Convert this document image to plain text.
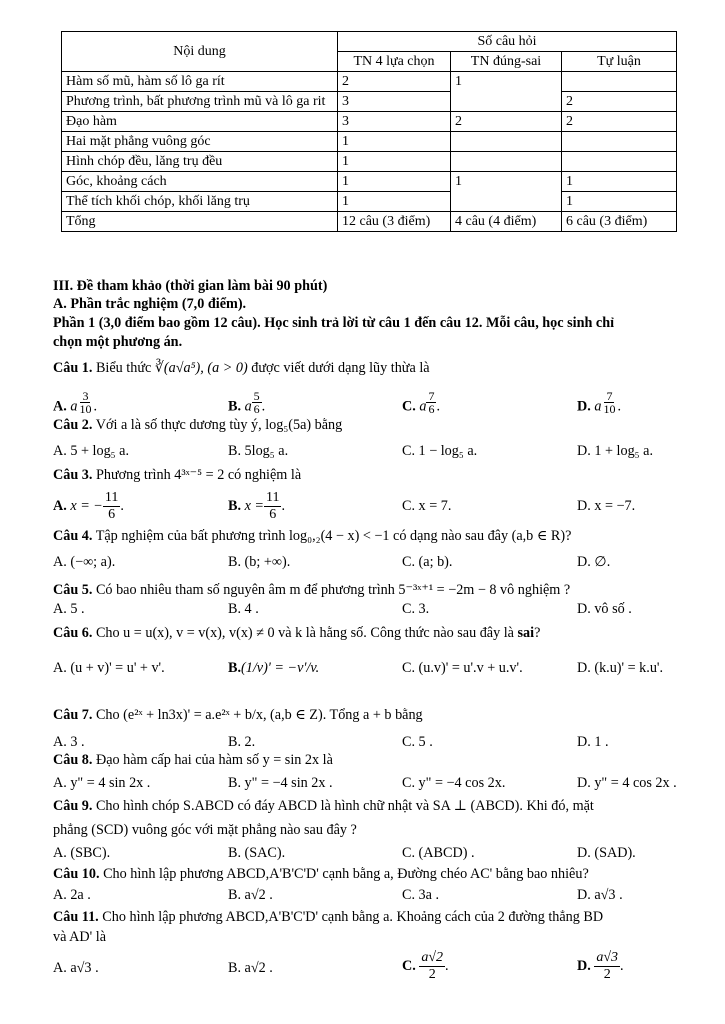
Nội dung	Số câu hỏi		
	TN 4 lựa chọn	TN đúng-sai	Tự luận
Hàm số mũ, hàm số lô ga rít	2	1	
Phương trình, bất phương trình mũ và lô ga rit	3		2
Đạo hàm	3	2	2
Hai mặt phẳng vuông góc	1		
Hình chóp đều, lăng trụ đều	1		
Góc, khoảng cách	1	1	1
Thể tích khối chóp, khối lăng trụ	1		1
Tổng	12 câu (3 điểm)	4 câu (4 điểm)	6 câu (3 điểm)
III. Đề tham khảo (thời gian làm bài 90 phút)
A. Phần trắc nghiệm (7,0 điểm).
Phần 1 (3,0 điểm bao gồm 12 câu). Học sinh trả lời từ câu 1 đến câu 12. Mỗi câu, học sinh chỉ
chọn một phương án.
Câu 1. Biểu thức ∛(a√a⁵), (a > 0) được viết dưới dạng lũy thừa là
A. a $^{\frac{3}{10}}$ .	B. a $^{\frac{5}{6}}$ .	C. a $^{\frac{7}{6}}$ .	D. a $^{\frac{7}{10}}$ .
Câu 2. Với a là số thực dương tùy ý, log₅(5a) bằng
A. 5 + log₅ a.	B. 5log₅ a.	C. 1 − log₅ a.	D. 1 + log₅ a.
Câu 3. Phương trình 4³ˣ⁻⁵ = 2 có nghiệm là
A. x = − $\frac{11}{6}$ .	B. $x = \frac{11}{6}$ .	C. x = 7.	D. x = −7.
Câu 4. Tập nghiệm của bất phương trình log₀,₂(4 − x) < −1 có dạng nào sau đây (a,b ∈ R)?
A. (−∞; a).	B. (b; +∞).	C. (a; b).	D. ∅.
Câu 5. Có bao nhiêu tham số nguyên âm m để phương trình 5⁻³ˣ⁺¹ = −2m − 8 vô nghiệm ?
A. 5 .	B. 4 .	C. 3.	D. vô số .
Câu 6. Cho u = u(x), v = v(x), v(x) ≠ 0 và k là hằng số. Công thức nào sau đây là sai?
A. (u + v)' = u' + v'.	B.(1/v)' = −v'/v.	C. (u.v)' = u'.v + u.v'.	D. (k.u)' = k.u'.
Câu 7. Cho (e²ˣ + ln3x)' = a.e²ˣ + b/x, (a,b ∈ Z). Tổng a + b bằng
A. 3 .	B. 2.	C. 5 .	D. 1 .
Câu 8. Đạo hàm cấp hai của hàm số y = sin 2x là
A. y" = 4 sin 2x .	B. y" = −4 sin 2x .	C. y" = −4 cos 2x.	D. y" = 4 cos 2x .
Câu 9. Cho hình chóp S.ABCD có đáy ABCD là hình chữ nhật và SA ⊥ (ABCD). Khi đó, mặt
phẳng (SCD) vuông góc với mặt phẳng nào sau đây ?
A. (SBC).	B. (SAC).	C. (ABCD) .	D. (SAD).
Câu 10. Cho hình lập phương ABCD,A'B'C'D' cạnh bằng a, Đường chéo AC' bằng bao nhiêu?
A. 2a .	B. a√2 .	C. 3a .	D. a√3 .
Câu 11. Cho hình lập phương ABCD,A'B'C'D' cạnh bằng a. Khoảng cách của 2 đường thẳng BD
và AD' là
A. a√3 .	B. a√2 .	C. $\frac{a√2}{2}$ .	D. $\frac{a√3}{2}$ .
